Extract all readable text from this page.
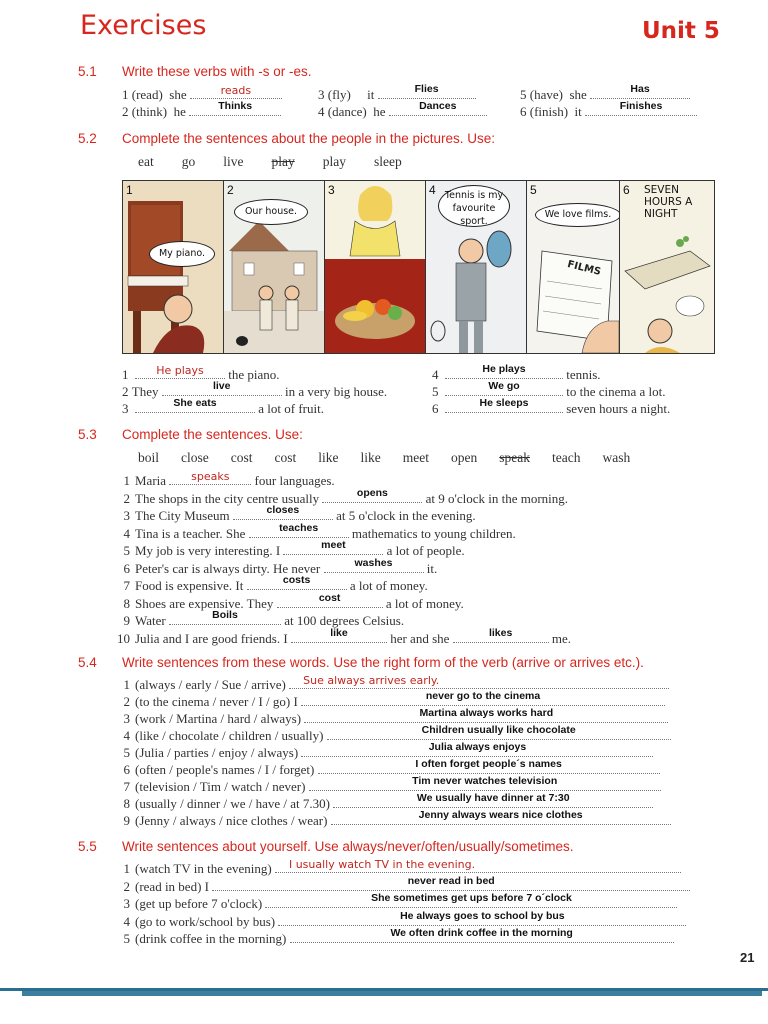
Exercises	Unit 5
5.1 Write these verbs with -s or -es.
1 (read) she	reads	3 (fly) it	Flies	5 (have) she	Has
2 (think) he	Thinks	4 (dance) he	Dances	6 (finish) it	Finishes
5.2 Complete the sentences about the people in the pictures. Use:
eat go live play play sleep
1
My piano.
2
Our house.
3	4 Tennis is my favourite sport.
5
FILMS
We love films.
6 SEVEN HOURS A NIGHT
1	He plays	the piano.	4	He plays	tennis.
2 They	live	in a very big house.	5	We go	to the cinema a lot.
3	She eats	a lot of fruit.	6	He sleeps	seven hours a night.
5.3 Complete the sentences. Use:
boil close cost cost like like meet open speak teach wash
1 Maria	speaks	four languages.
2 The shops in the city centre usually	opens	at 9 o'clock in the morning.
3 The City Museum	closes	at 5 o'clock in the evening.
4 Tina is a teacher. She	teaches	mathematics to young children.
5 My job is very interesting. I	meet	a lot of people.
6 Peter's car is always dirty. He never	washes	it.
7 Food is expensive. It	costs	a lot of money.
8 Shoes are expensive. They	cost	a lot of money.
9 Water	Boils	at 100 degrees Celsius.
10 Julia and I are good friends. I	like	her and she	likes	me.
5.4 Write sentences from these words. Use the right form of the verb (arrive or arrives etc.).
1 (always / early / Sue / arrive) Sue always arrives early.
2 (to the cinema / never / I / go) I	never go to the cinema
3 (work / Martina / hard / always)	Martina always works hard
4 (like / chocolate / children / usually)	Children usually like chocolate
5 (Julia / parties / enjoy / always)	Julia always enjoys
6 (often / people's names / I / forget)	I often forget people´s names
7 (television / Tim / watch / never)	Tim never watches television
8 (usually / dinner / we / have / at 7.30)	We usually have dinner at 7:30
9 (Jenny / always / nice clothes / wear)	Jenny always wears nice clothes
5.5 Write sentences about yourself. Use always/never/often/usually/sometimes.
1 (watch TV in the evening) I usually watch TV in the evening.
2 (read in bed) I	never read in bed
3 (get up before 7 o'clock)	She sometimes get ups before 7 o´clock
4 (go to work/school by bus)	He always goes to school by bus
5 (drink coffee in the morning)	We often drink coffee in the morning
21
